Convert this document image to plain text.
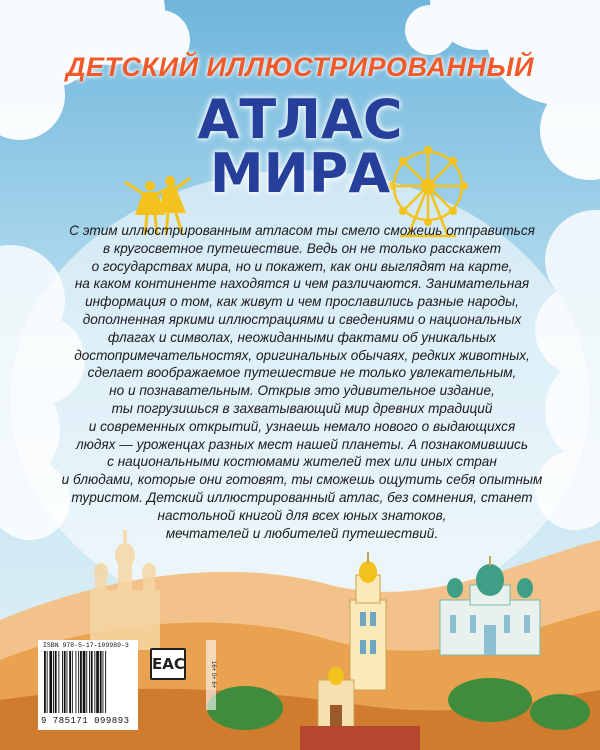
ДЕТСКИЙ ИЛЛЮСТРИРОВАННЫЙ
АТЛАС
МИРА
С этим иллюстрированным атласом ты смело сможешь отправиться
в кругосветное путешествие. Ведь он не только расскажет
о государствах мира, но и покажет, как они выглядят на карте,
на каком континенте находятся и чем различаются. Занимательная
информация о том, как живут и чем прославились разные народы,
дополненная яркими иллюстрациями и сведениями о национальных
флагах и символах, неожиданными фактами об уникальных
достопримечательностях, оригинальных обычаях, редких животных,
сделает воображаемое путешествие не только увлекательным,
но и познавательным. Открыв это удивительное издание,
ты погрузишься в захватывающий мир древних традиций
и современных открытий, узнаешь немало нового о выдающихся
людях — уроженцах разных мест нашей планеты. А познакомившись
с национальными костюмами жителей тех или иных стран
и блюдами, которые они готовят, ты сможешь ощутить себя опытным
туристом. Детский иллюстрированный атлас, без сомнения, станет
настольной книгой для всех юных знатоков,
мечтателей и любителей путешествий.
ISBN 978-5-17-109989-3
9 785171 099893
EAC	16+ 0+ 6+
